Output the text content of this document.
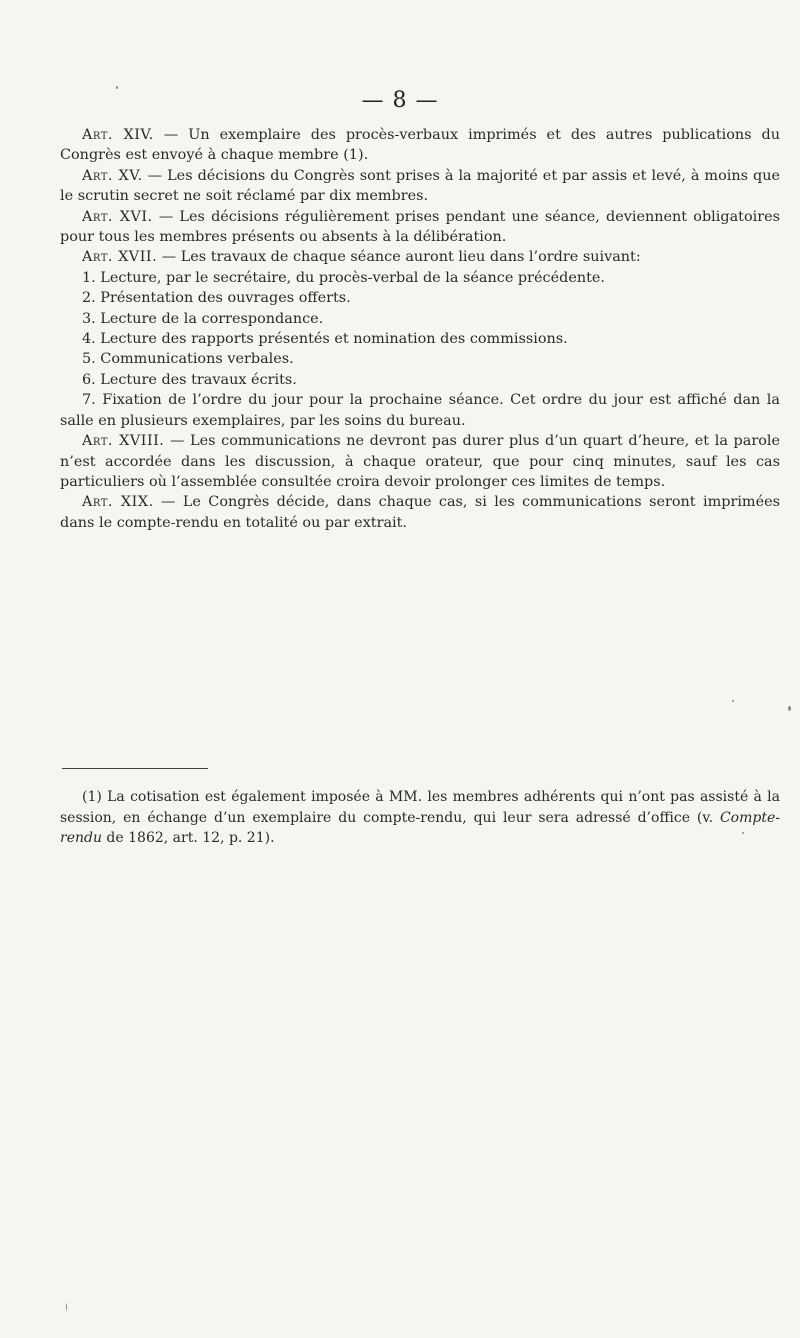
— 8 —

Art. XIV. — Un exemplaire des procès-verbaux imprimés et des autres publications du Congrès est envoyé à chaque membre (1).

Art. XV. — Les décisions du Congrès sont prises à la majorité et par assis et levé, à moins que le scrutin secret ne soit réclamé par dix membres.

Art. XVI. — Les décisions régulièrement prises pendant une séance, deviennent obligatoires pour tous les membres présents ou absents à la délibération.

Art. XVII. — Les travaux de chaque séance auront lieu dans l’ordre suivant:

1. Lecture, par le secrétaire, du procès-verbal de la séance précédente.

2. Présentation des ouvrages offerts.

3. Lecture de la correspondance.

4. Lecture des rapports présentés et nomination des commissions.

5. Communications verbales.

6. Lecture des travaux écrits.

7. Fixation de l’ordre du jour pour la prochaine séance. Cet ordre du jour est affiché dan la salle en plusieurs exemplaires, par les soins du bureau.

Art. XVIII. — Les communications ne devront pas durer plus d’un quart d’heure, et la parole n’est accordée dans les discussion, à chaque orateur, que pour cinq minutes, sauf les cas particuliers où l’assemblée consultée croira devoir prolonger ces limites de temps.

Art. XIX. — Le Congrès décide, dans chaque cas, si les communications seront imprimées dans le compte-rendu en totalité ou par extrait.

(1) La cotisation est également imposée à MM. les membres adhérents qui n’ont pas assisté à la session, en échange d’un exemplaire du compte-rendu, qui leur sera adressé d’office (v. Compte-rendu de 1862, art. 12, p. 21).
